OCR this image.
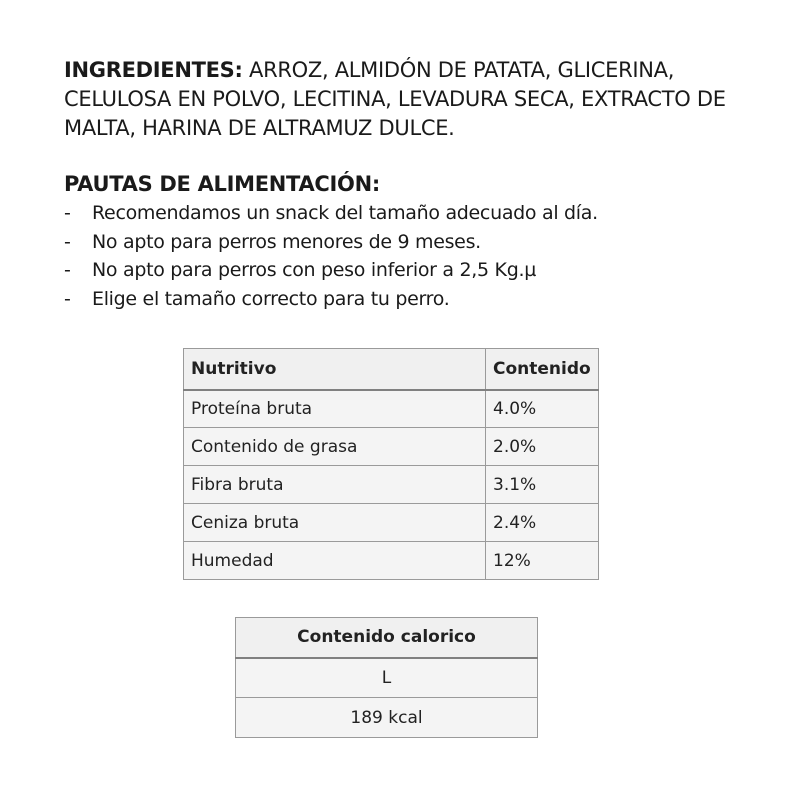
INGREDIENTES: ARROZ, ALMIDÓN DE PATATA, GLICERINA, CELULOSA EN POLVO, LECITINA, LEVADURA SECA, EXTRACTO DE MALTA, HARINA DE ALTRAMUZ DULCE.

PAUTAS DE ALIMENTACIÓN:

- Recomendamos un snack del tamaño adecuado al día.
- No apto para perros menores de 9 meses.
- No apto para perros con peso inferior a 2,5 Kg.µ
- Elige el tamaño correcto para tu perro.
Nutritivo	Contenido
Proteína bruta	4.0%
Contenido de grasa	2.0%
Fibra bruta	3.1%
Ceniza bruta	2.4%
Humedad	12%
Contenido calorico
L
189 kcal
